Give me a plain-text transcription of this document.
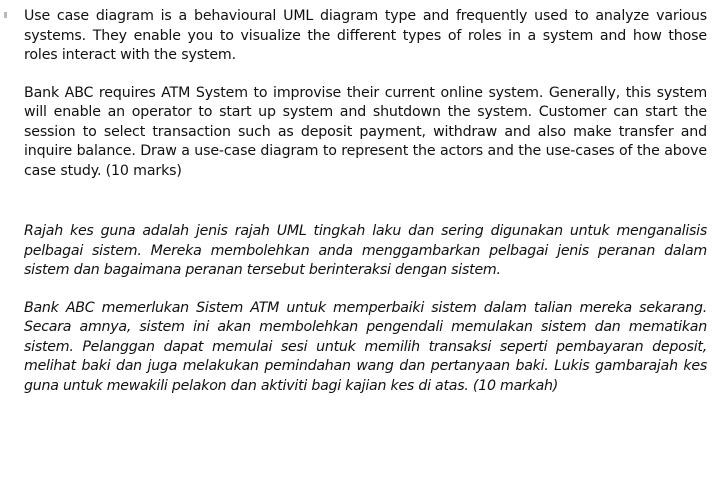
Use case diagram is a behavioural UML diagram type and frequently used to analyze various systems. They enable you to visualize the different types of roles in a system and how those roles interact with the system.

Bank ABC requires ATM System to improvise their current online system. Generally, this system will enable an operator to start up system and shutdown the system. Customer can start the session to select transaction such as deposit payment, withdraw and also make transfer and inquire balance. Draw a use-case diagram to represent the actors and the use-cases of the above case study. (10 marks)

Rajah kes guna adalah jenis rajah UML tingkah laku dan sering digunakan untuk menganalisis pelbagai sistem. Mereka membolehkan anda menggambarkan pelbagai jenis peranan dalam sistem dan bagaimana peranan tersebut berinteraksi dengan sistem.

Bank ABC memerlukan Sistem ATM untuk memperbaiki sistem dalam talian mereka sekarang. Secara amnya, sistem ini akan membolehkan pengendali memulakan sistem dan mematikan sistem. Pelanggan dapat memulai sesi untuk memilih transaksi seperti pembayaran deposit, melihat baki dan juga melakukan pemindahan wang dan pertanyaan baki. Lukis gambarajah kes guna untuk mewakili pelakon dan aktiviti bagi kajian kes di atas. (10 markah)
